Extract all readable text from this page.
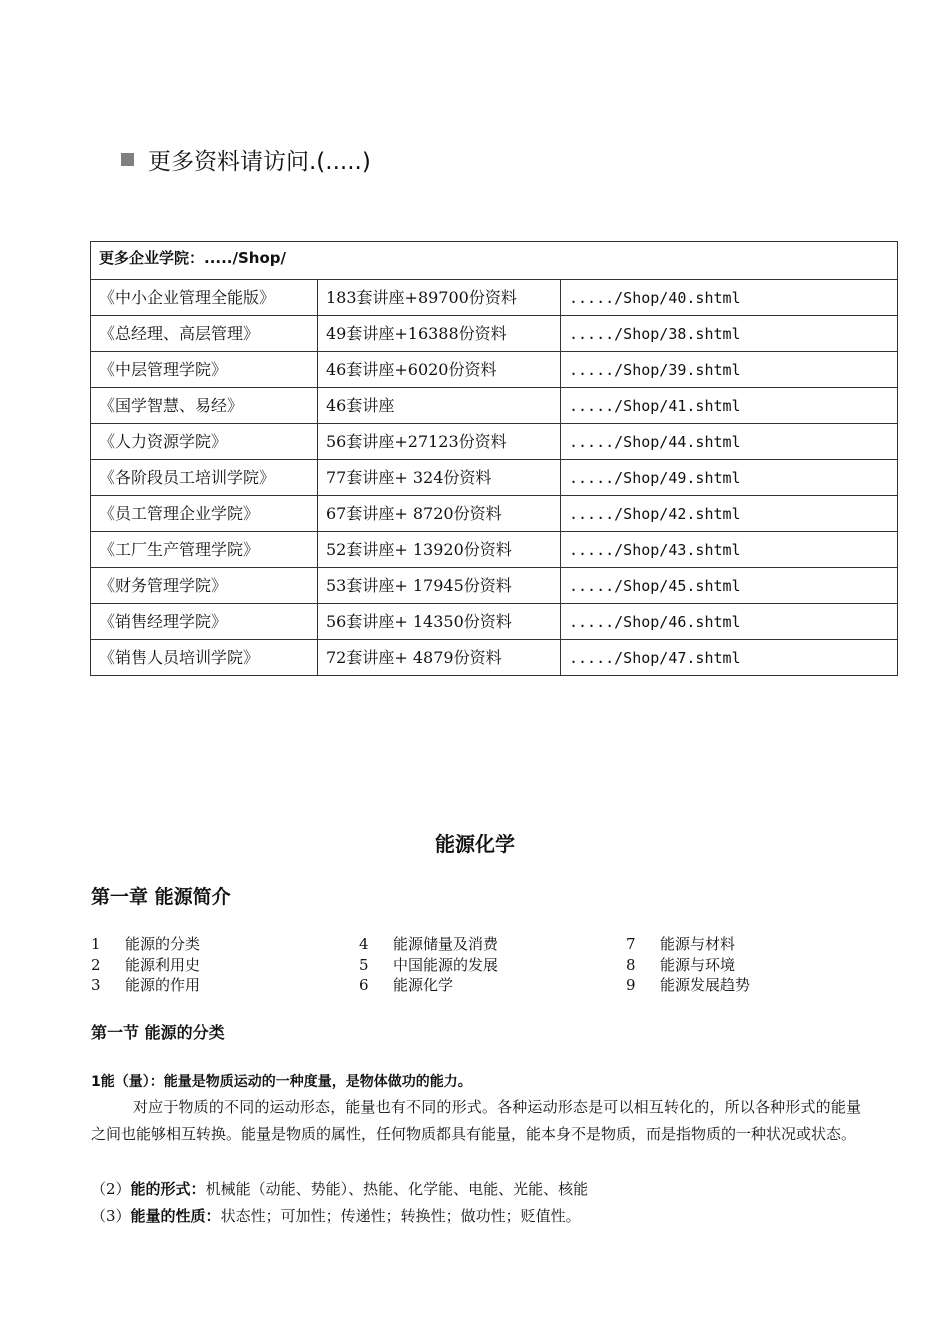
更多资料请访问.(.....)
更多企业学院：...../Shop/		
《中小企业管理全能版》	183套讲座+89700份资料	...../Shop/40.shtml
《总经理、高层管理》	49套讲座+16388份资料	...../Shop/38.shtml
《中层管理学院》	46套讲座+6020份资料	...../Shop/39.shtml
《国学智慧、易经》	46套讲座	...../Shop/41.shtml
《人力资源学院》	56套讲座+27123份资料	...../Shop/44.shtml
《各阶段员工培训学院》	77套讲座+ 324份资料	...../Shop/49.shtml
《员工管理企业学院》	67套讲座+ 8720份资料	...../Shop/42.shtml
《工厂生产管理学院》	52套讲座+ 13920份资料	...../Shop/43.shtml
《财务管理学院》	53套讲座+ 17945份资料	...../Shop/45.shtml
《销售经理学院》	56套讲座+ 14350份资料	...../Shop/46.shtml
《销售人员培训学院》	72套讲座+ 4879份资料	...../Shop/47.shtml
能源化学
第一章 能源简介
1 能源的分类
2 能源利用史
3 能源的作用
4 能源储量及消费
5 中国能源的发展
6 能源化学
7 能源与材料
8 能源与环境
9 能源发展趋势
第一节 能源的分类
1能（量）：能量是物质运动的一种度量，是物体做功的能力。
对应于物质的不同的运动形态，能量也有不同的形式。各种运动形态是可以相互转化的，所以各种形式的能量之间也能够相互转换。能量是物质的属性，任何物质都具有能量，能本身不是物质，而是指物质的一种状况或状态。
（2）能的形式：机械能（动能、势能）、热能、化学能、电能、光能、核能
（3）能量的性质：状态性；可加性；传递性；转换性；做功性；贬值性。
